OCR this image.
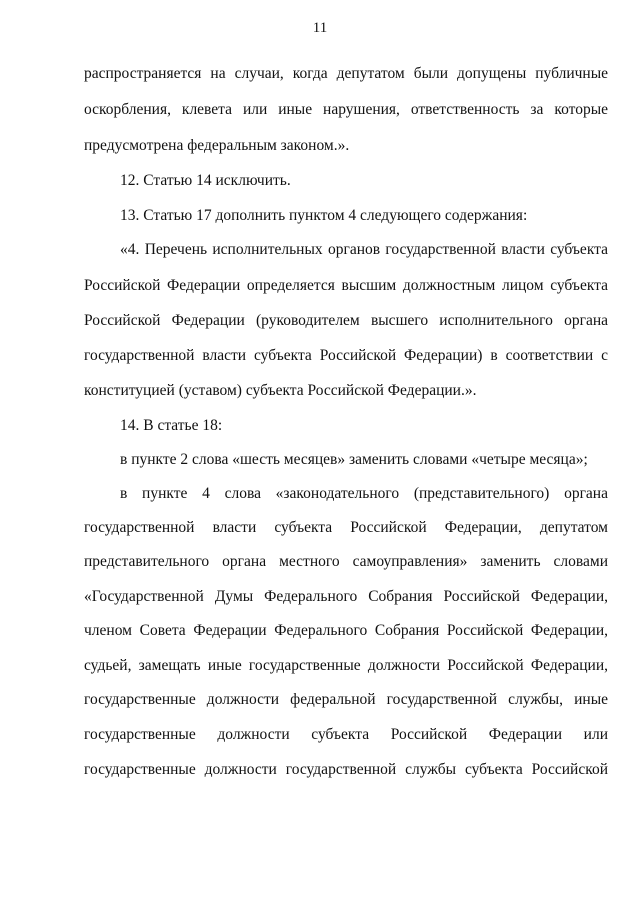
11
распространяется на случаи, когда депутатом были допущены публичные
оскорбления, клевета или иные нарушения, ответственность за которые
предусмотрена федеральным законом.».
12. Статью 14 исключить.
13. Статью 17 дополнить пунктом 4 следующего содержания:
«4. Перечень исполнительных органов государственной власти субъекта
Российской Федерации определяется высшим должностным лицом субъекта
Российской Федерации (руководителем высшего исполнительного органа
государственной власти субъекта Российской Федерации) в соответствии с
конституцией (уставом) субъекта Российской Федерации.».
14. В статье 18:
в пункте 2 слова «шесть месяцев» заменить словами «четыре месяца»;
в пункте 4 слова «законодательного (представительного) органа
государственной власти субъекта Российской Федерации, депутатом
представительного органа местного самоуправления» заменить словами
«Государственной Думы Федерального Собрания Российской Федерации,
членом Совета Федерации Федерального Собрания Российской Федерации,
судьей, замещать иные государственные должности Российской Федерации,
государственные должности федеральной государственной службы, иные
государственные должности субъекта Российской Федерации или
государственные должности государственной службы субъекта Российской
